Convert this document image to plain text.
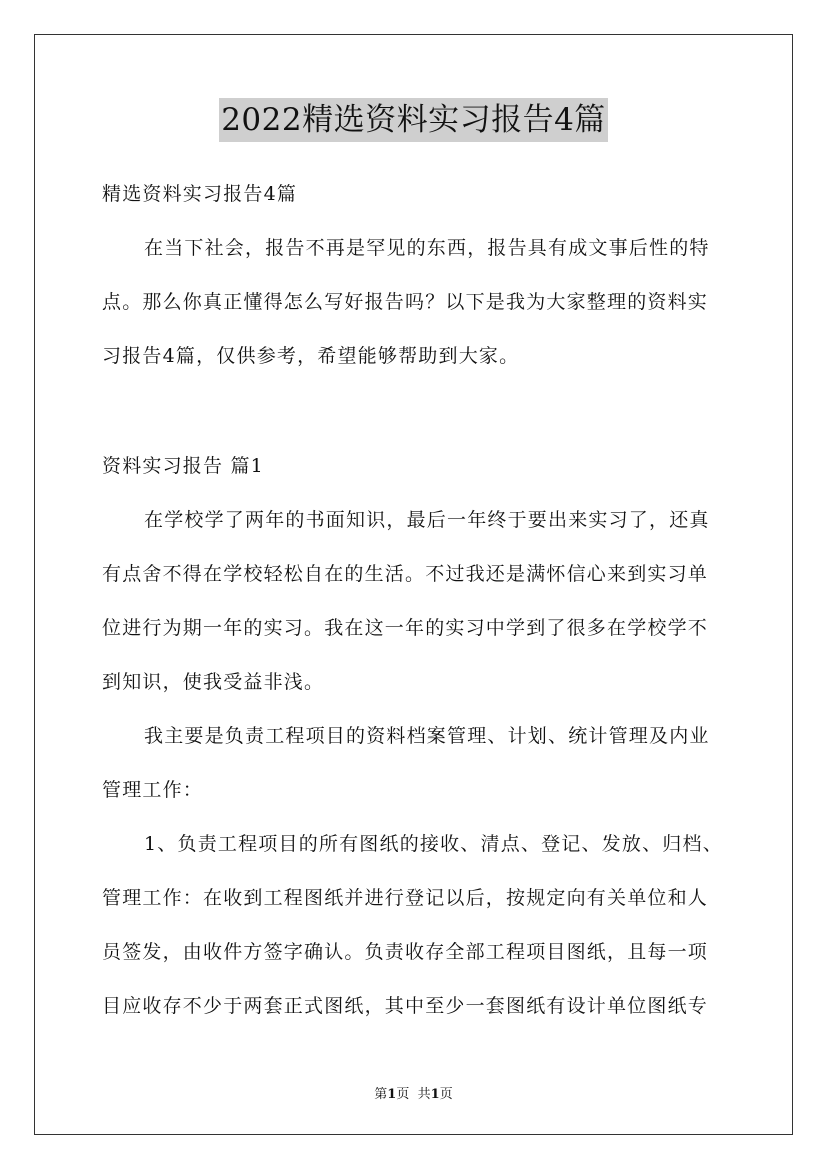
2022精选资料实习报告4篇
精选资料实习报告4篇
在当下社会，报告不再是罕见的东西，报告具有成文事后性的特
点。那么你真正懂得怎么写好报告吗？以下是我为大家整理的资料实
习报告4篇，仅供参考，希望能够帮助到大家。
资料实习报告 篇1
在学校学了两年的书面知识，最后一年终于要出来实习了，还真
有点舍不得在学校轻松自在的生活。不过我还是满怀信心来到实习单
位进行为期一年的实习。我在这一年的实习中学到了很多在学校学不
到知识，使我受益非浅。
我主要是负责工程项目的资料档案管理、计划、统计管理及内业
管理工作：
1、负责工程项目的所有图纸的接收、清点、登记、发放、归档、
管理工作：在收到工程图纸并进行登记以后，按规定向有关单位和人
员签发，由收件方签字确认。负责收存全部工程项目图纸，且每一项
目应收存不少于两套正式图纸，其中至少一套图纸有设计单位图纸专
第1页 共1页
